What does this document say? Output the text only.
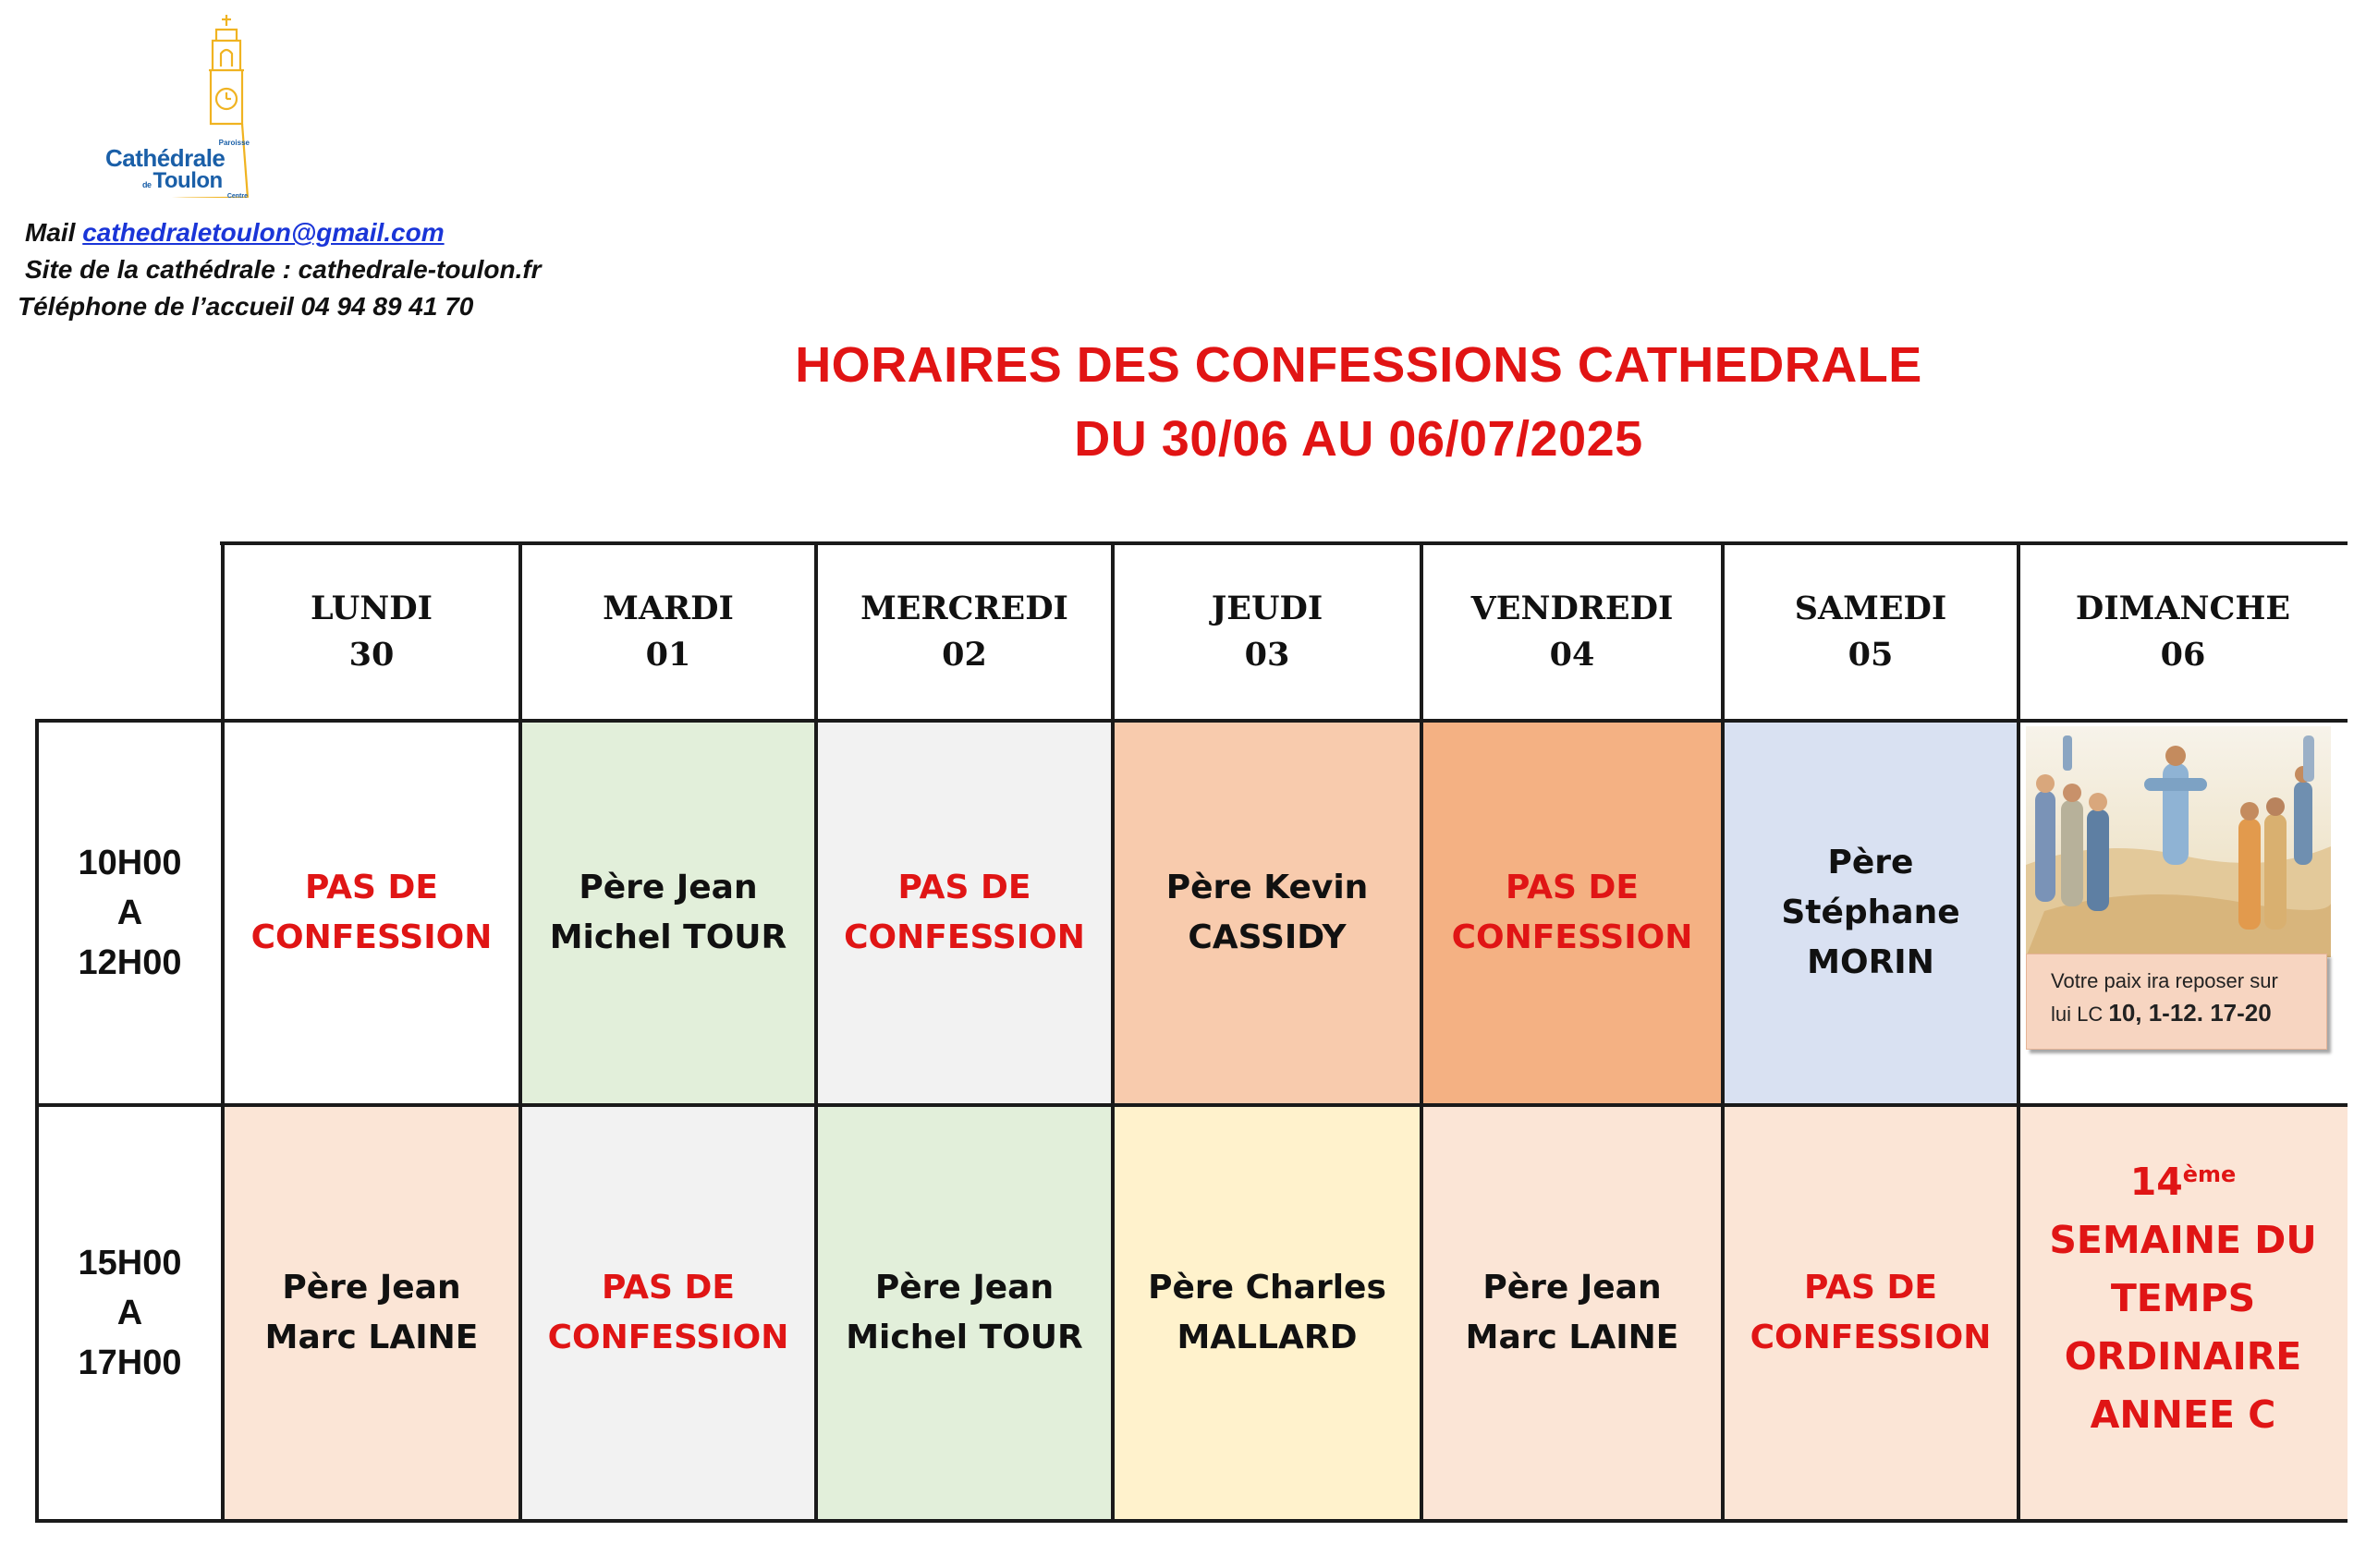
Paroisse
Cathédrale
deToulon
Centre
Mail cathedraletoulon@gmail.com
Site de la cathédrale : cathedrale-toulon.fr
Téléphone de l’accueil 04 94 89 41 70
HORAIRES DES CONFESSIONS CATHEDRALE
DU 30/06 AU 06/07/2025
PAS DE
CONFESSION
Père Jean
Michel TOUR
PAS DE
CONFESSION
Père Kevin
CASSIDY
PAS DE
CONFESSION
Père
Stéphane
MORIN
Père Jean
Marc LAINE
PAS DE
CONFESSION
Père Jean
Michel TOUR
Père Charles
MALLARD
Père Jean
Marc LAINE
PAS DE
CONFESSION
14ème
SEMAINE DU
TEMPS
ORDINAIRE
ANNEE C
LUNDI
30
MARDI
01
MERCREDI
02
JEUDI
03
VENDREDI
04
SAMEDI
05
DIMANCHE
06
10H00
A
12H00
15H00
A
17H00
Votre paix ira reposer sur
lui LC 10, 1-12. 17-20
